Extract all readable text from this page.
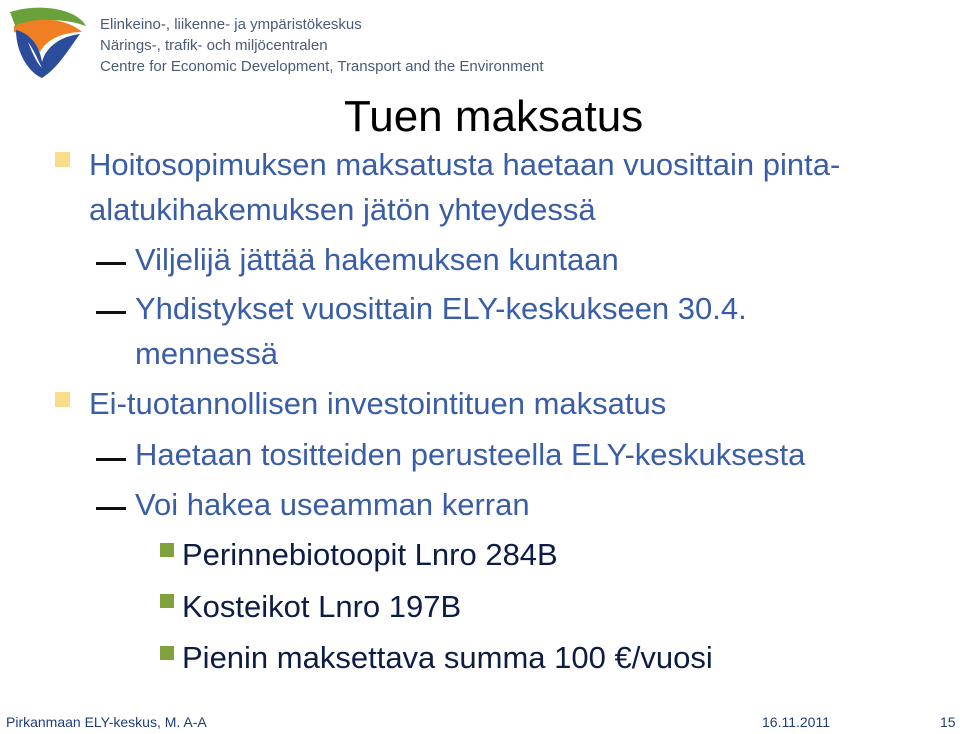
Elinkeino-, liikenne- ja ympäristökeskus
Närings-, trafik- och miljöcentralen
Centre for Economic Development, Transport and the Environment
Tuen maksatus
Hoitosopimuksen maksatusta haetaan vuosittain pinta-
alatukihakemuksen jätön yhteydessä
Viljelijä jättää hakemuksen kuntaan
Yhdistykset vuosittain ELY-keskukseen 30.4.
mennessä
Ei-tuotannollisen investointituen maksatus
Haetaan tositteiden perusteella ELY-keskuksesta
Voi hakea useamman kerran
Perinnebiotoopit Lnro 284B
Kosteikot Lnro 197B
Pienin maksettava summa 100 €/vuosi
Pirkanmaan ELY-keskus, M. A-A	16.11.2011	15
